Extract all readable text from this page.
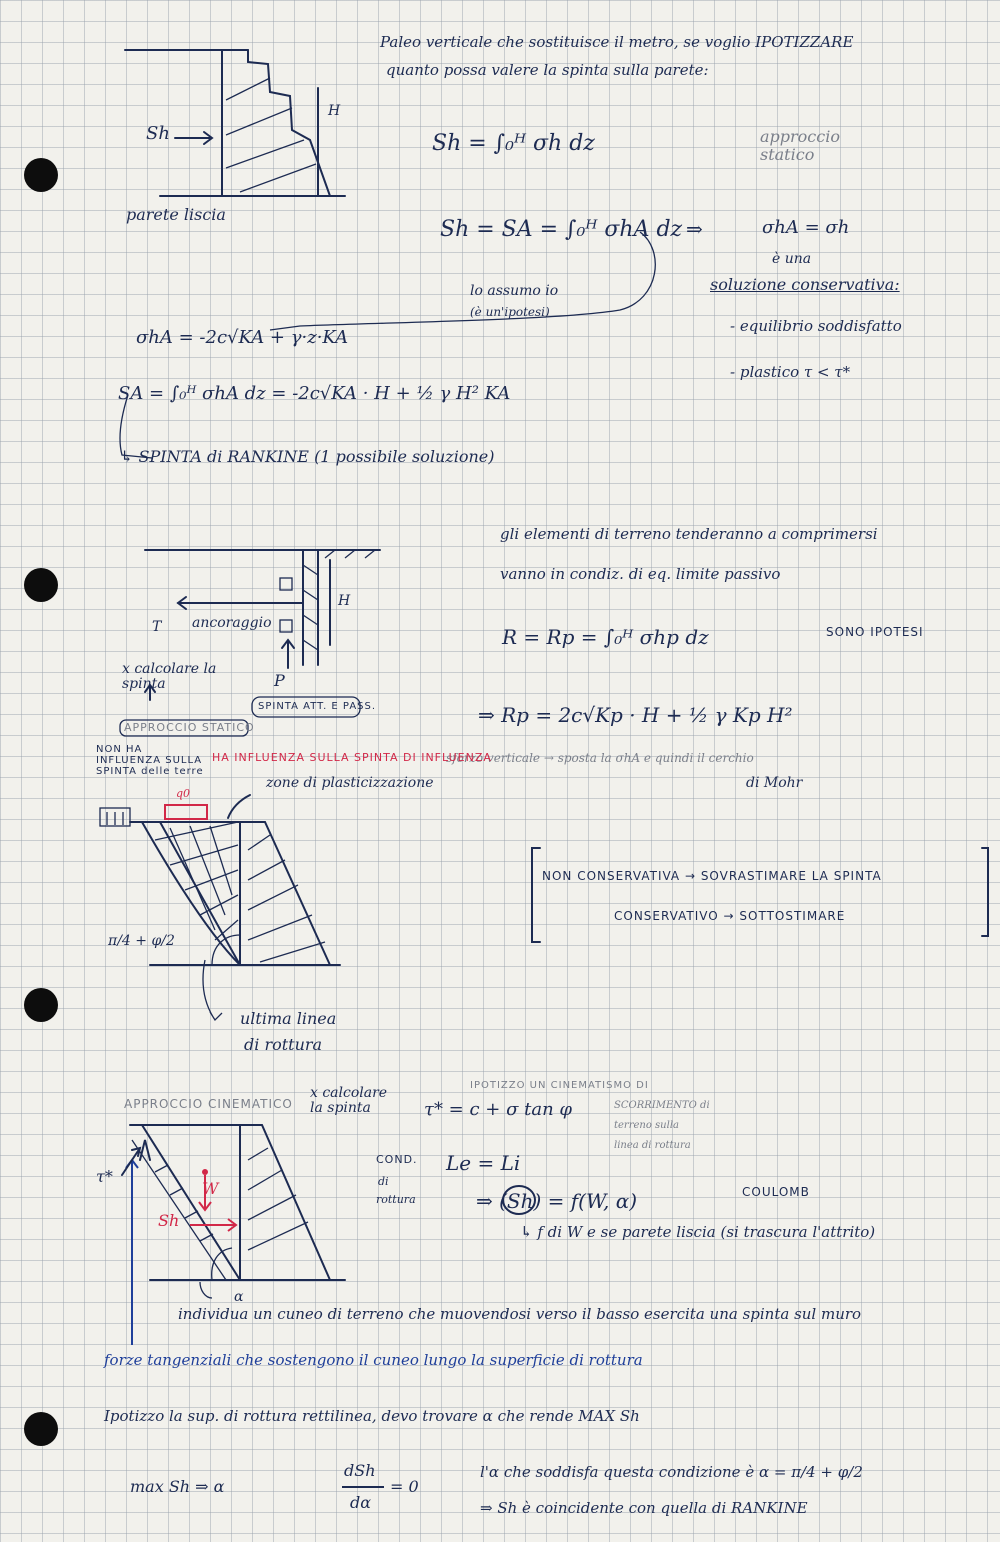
Paleo verticale che sostituisce il metro, se voglio IPOTIZZARE
quanto possa valere la spinta sulla parete:
Sh = ∫₀ᴴ σh dz	approccio statico
Sh
H
parete liscia
Sh = SA = ∫₀ᴴ σhA dz ⇒	σhA = σh
è una
soluzione conservativa:
lo assumo io
(è un'ipotesi)
- equilibrio soddisfatto
- plastico τ < τ*
σhA = -2c√KA + γ·z·KA
SA = ∫₀ᴴ σhA dz = -2c√KA · H + ½ γ H² KA
↳ SPINTA di RANKINE (1 possibile soluzione)
gli elementi di terreno tenderanno a comprimersi
vanno in condiz. di eq. limite passivo
R = Rp = ∫₀ᴴ σhp dz	SONO IPOTESI
⇒ Rp = 2c√Kp · H + ½ γ Kp H²
T ancoraggio
H
P
x calcolare la spinta
APPROCCIO STATICO
SPINTA ATT. E PASS.
sforzo verticale → sposta la σhA e quindi il cerchio
di Mohr
NON HA INFLUENZA SULLA SPINTA delle terre
HA INFLUENZA SULLA SPINTA DI INFLUENZA
q0
zone di plasticizzazione
π/4 + φ/2
NON CONSERVATIVA → SOVRASTIMARE LA SPINTA
CONSERVATIVO → SOTTOSTIMARE
ultima linea
di rottura
APPROCCIO CINEMATICO
x calcolare la spinta
IPOTIZZO UN CINEMATISMO DI
SCORRIMENTO di
terreno sulla
linea di rottura
τ* = c + σ tan φ
τ*
W
Sh
α
COND.
di
rottura
Le = Li
⇒ (Sh) = f(W, α)	COULOMB
↳ f di W e se parete liscia (si trascura l'attrito)
individua un cuneo di terreno che muovendosi verso il basso esercita una spinta sul muro
forze tangenziali che sostengono il cuneo lungo la superficie di rottura
Ipotizzo la sup. di rottura rettilinea, devo trovare α che rende MAX Sh
max Sh ⇒ α
dSh
dα
= 0
l'α che soddisfa questa condizione è α = π/4 + φ/2
⇒ Sh è coincidente con quella di RANKINE
